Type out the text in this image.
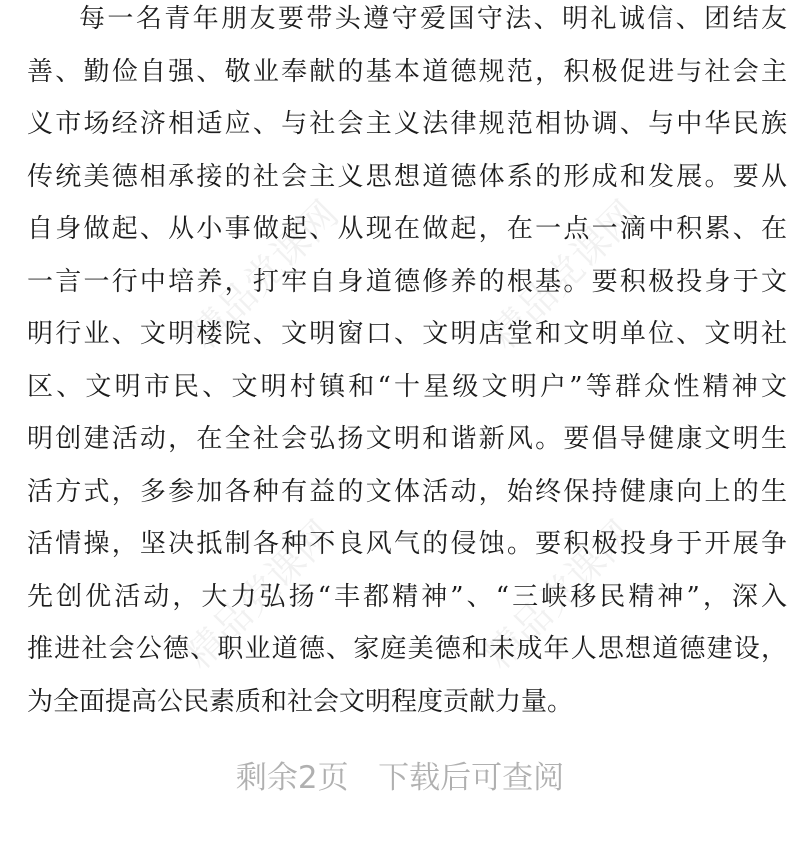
精品党课网	精品党课网
精品党课网	精品党课网
每一名青年朋友要带头遵守爱国守法、明礼诚信、团结友
善、勤俭自强、敬业奉献的基本道德规范，积极促进与社会主
义市场经济相适应、与社会主义法律规范相协调、与中华民族
传统美德相承接的社会主义思想道德体系的形成和发展。要从
自身做起、从小事做起、从现在做起，在一点一滴中积累、在
一言一行中培养，打牢自身道德修养的根基。要积极投身于文
明行业、文明楼院、文明窗口、文明店堂和文明单位、文明社
区、文明市民、文明村镇和“十星级文明户”等群众性精神文
明创建活动，在全社会弘扬文明和谐新风。要倡导健康文明生
活方式，多参加各种有益的文体活动，始终保持健康向上的生
活情操，坚决抵制各种不良风气的侵蚀。要积极投身于开展争
先创优活动，大力弘扬“丰都精神”、“三峡移民精神”，深入
推进社会公德、职业道德、家庭美德和未成年人思想道德建设，
为全面提高公民素质和社会文明程度贡献力量。
剩余2页 下载后可查阅
